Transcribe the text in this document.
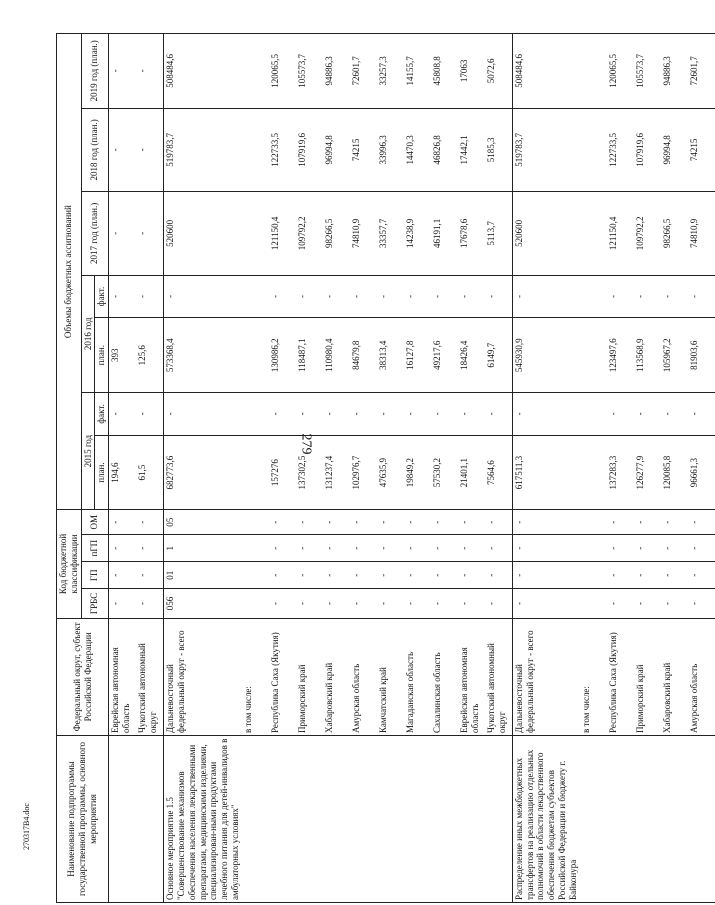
279
270317В4.doc	Наименование подпрограммы государственной программы, основного мероприятия	Федеральный округ, субъект Российской Федерации	Код бюджетной классификации				Объемы бюджетных ассигнований						
		ГРБС	ГП	пГП	ОМ	2015 год		2016 год		2017 год (план.)	2018 год (план.)	2019 год (план.)
						план.	факт.	план.	факт.			
	Еврейская автономная область	-	-	-	-	194,6	-	393	-	-	-	-
	Чукотский автономный округ	-	-	-	-	61,5	-	125,6	-	-	-	-
Основное мероприятие 1.5 "Совершенствование механизмов обеспечения населения лекарственными препаратами, медицинскими изделиями, специализирован-ными продуктами лечебного питания для детей-инвалидов в амбулаторных условиях"	Дальневосточный федеральный округ - всего	056	01	1	05	682773,6	-	573368,4	-	520600	519783,7	508484,6
	в том числе:											
	Республика Саха (Якутия)	-	-	-	-	157276	-	130986,2	-	121150,4	122733,5	120065,5
	Приморский край	-	-	-	-	137302,5	-	118487,1	-	109792,2	107919,6	105573,7
	Хабаровский край	-	-	-	-	131237,4	-	110980,4	-	98266,5	96994,8	94886,3
	Амурская область	-	-	-	-	102976,7	-	84679,8	-	74810,9	74215	72601,7
	Камчатский край	-	-	-	-	47635,9	-	38313,4	-	33357,7	33996,3	33257,3
	Магаданская область	-	-	-	-	19849,2	-	16127,8	-	14238,9	14470,3	14155,7
	Сахалинская область	-	-	-	-	57530,2	-	49217,6	-	46191,1	46826,8	45808,8
	Еврейская автономная область	-	-	-	-	21401,1	-	18426,4	-	17678,6	17442,1	17063
	Чукотский автономный округ	-	-	-	-	7564,6	-	6149,7	-	5113,7	5185,3	5072,6
Распределение иных межбюджетных трансфертов на реализацию отдельных полномочий в области лекарственного обеспечения бюджетам субъектов Российской Федерации и бюджету г. Байконура	Дальневосточный федеральный округ - всего	-	-	-	-	617511,3	-	545930,9	-	520600	519783,7	508484,6
	в том числе:											
	Республика Саха (Якутия)	-	-	-	-	137283,3	-	123497,6	-	121150,4	122733,5	120065,5
	Приморский край	-	-	-	-	126277,9	-	113568,9	-	109792,2	107919,6	105573,7
	Хабаровский край	-	-	-	-	120085,8	-	105967,2	-	98266,5	96994,8	94886,3
	Амурская область	-	-	-	-	96661,3	-	81903,6	-	74810,9	74215	72601,7
